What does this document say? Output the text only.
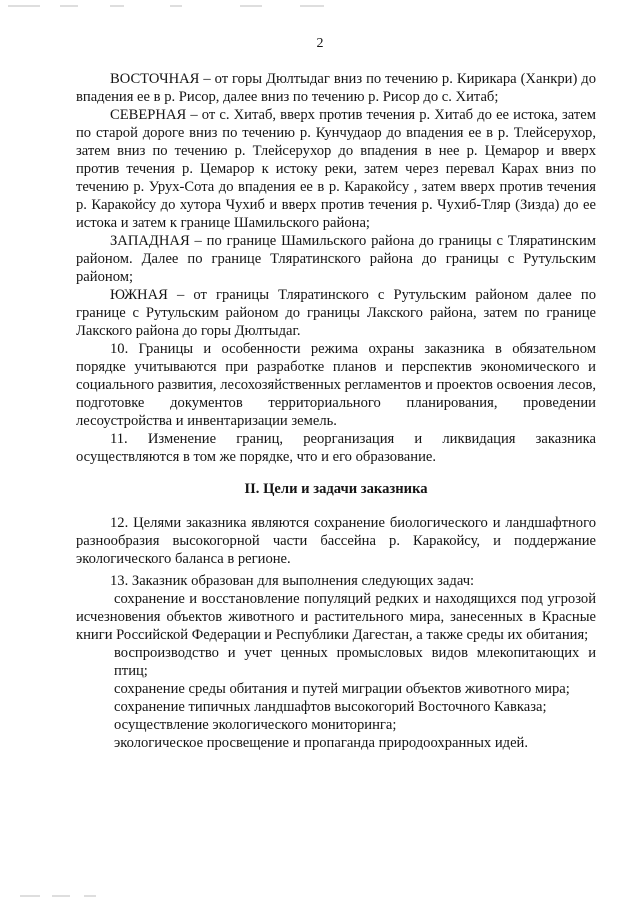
2

ВОСТОЧНАЯ – от горы Дюлтыдаг вниз по течению р. Кирикара (Ханкри) до впадения ее в р. Рисор, далее вниз по течению р. Рисор до с. Хитаб;

СЕВЕРНАЯ – от с. Хитаб, вверх против течения р. Хитаб до ее истока, затем по старой дороге вниз по течению р. Кунчудаор до впадения ее в р. Тлейсерухор, затем вниз по течению р. Тлейсерухор до впадения в нее р. Цемарор и вверх против течения р. Цемарор к истоку реки, затем через перевал Карах вниз по течению р. Урух-Сота до впадения ее в р. Каракойсу , затем вверх против течения р. Каракойсу до хутора Чухиб и вверх против течения р. Чухиб-Тляр (Зизда) до ее истока и затем к границе Шамильского района;

ЗАПАДНАЯ – по границе Шамильского района до границы с Тляратинским районом. Далее по границе Тляратинского района до границы с Рутульским районом;

ЮЖНАЯ – от границы Тляратинского с Рутульским районом далее по границе с Рутульским районом до границы Лакского района, затем по границе Лакского района до горы Дюлтыдаг.

10. Границы и особенности режима охраны заказника в обязательном порядке учитываются при разработке планов и перспектив экономического и социального развития, лесохозяйственных регламентов и проектов освоения лесов, подготовке документов территориального планирования, проведении лесоустройства и инвентаризации земель.

11. Изменение границ, реорганизация и ликвидация заказника осуществляются в том же порядке, что и его образование.

II. Цели и задачи заказника

12. Целями заказника являются сохранение биологического и ландшафтного разнообразия высокогорной части бассейна р. Каракойсу, и поддержание экологического баланса в регионе.

13. Заказник образован для выполнения следующих задач:

сохранение и восстановление популяций редких и находящихся под угрозой исчезновения объектов животного и растительного мира, занесенных в Красные книги Российской Федерации и Республики Дагестан, а также среды их обитания;

воспроизводство и учет ценных промысловых видов млекопитающих и птиц;

сохранение среды обитания и путей миграции объектов животного мира;

сохранение типичных ландшафтов высокогорий Восточного Кавказа;

осуществление экологического мониторинга;

экологическое просвещение и пропаганда природоохранных идей.
